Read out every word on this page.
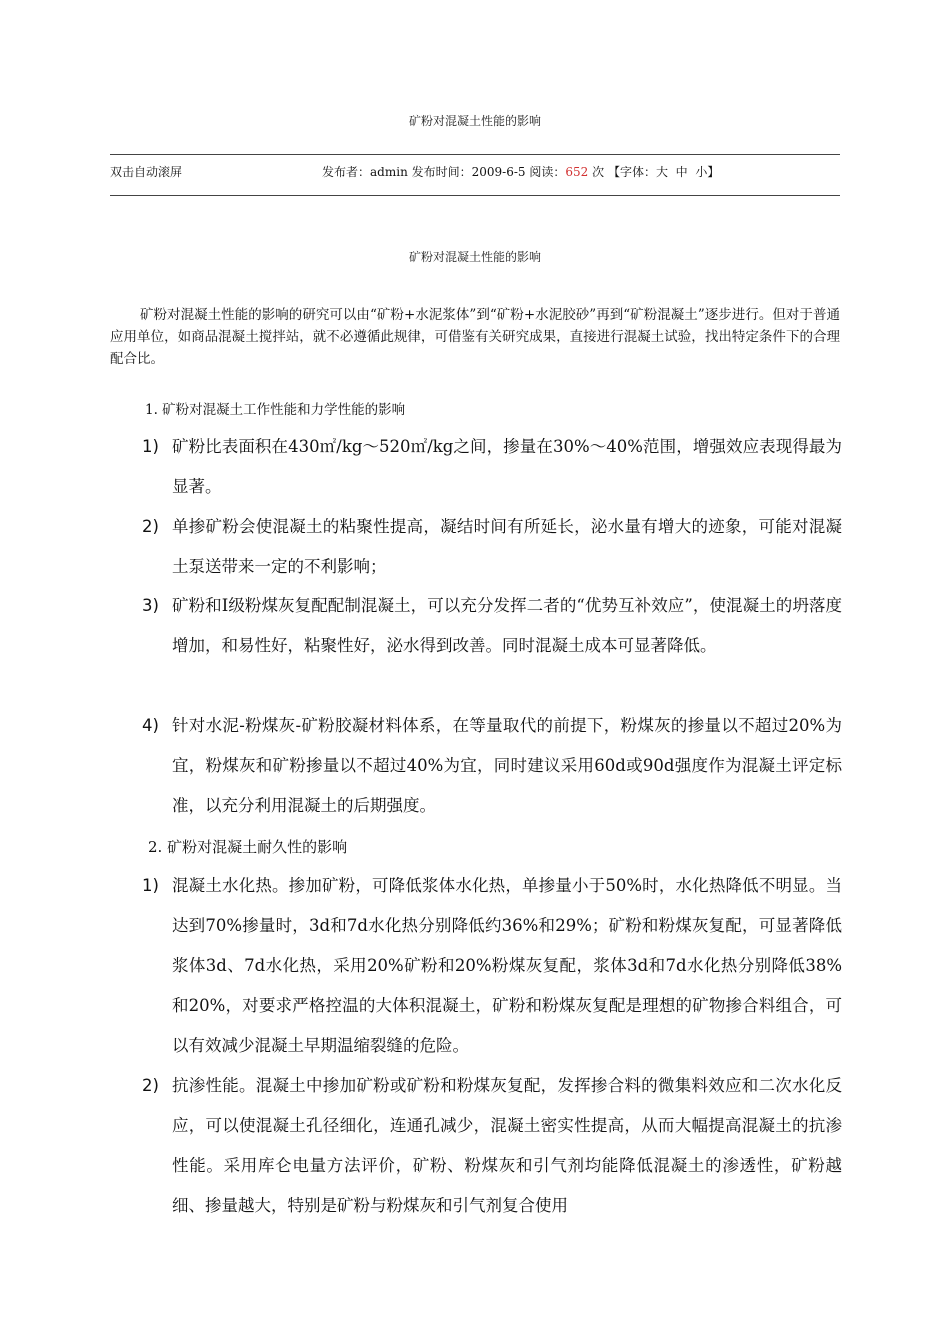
矿粉对混凝土性能的影响
双击自动滚屏	发布者：admin 发布时间：2009-6-5 阅读：652 次 【字体：大 中 小】
矿粉对混凝土性能的影响

矿粉对混凝土性能的影响的研究可以由“矿粉+水泥浆体”到“矿粉+水泥胶砂”再到“矿粉混凝土”逐步进行。但对于普通应用单位，如商品混凝土搅拌站，就不必遵循此规律，可借鉴有关研究成果，直接进行混凝土试验，找出特定条件下的合理配合比。

1. 矿粉对混凝土工作性能和力学性能的影响
1) 矿粉比表面积在430㎡/kg～520㎡/kg之间，掺量在30%～40%范围，增强效应表现得最为显著。
2) 单掺矿粉会使混凝土的粘聚性提高，凝结时间有所延长，泌水量有增大的迹象，可能对混凝土泵送带来一定的不利影响；
3) 矿粉和Ⅰ级粉煤灰复配配制混凝土，可以充分发挥二者的“优势互补效应”，使混凝土的坍落度增加，和易性好，粘聚性好，泌水得到改善。同时混凝土成本可显著降低。
4) 针对水泥-粉煤灰-矿粉胶凝材料体系，在等量取代的前提下，粉煤灰的掺量以不超过20%为宜，粉煤灰和矿粉掺量以不超过40%为宜，同时建议采用60d或90d强度作为混凝土评定标准，以充分利用混凝土的后期强度。
2. 矿粉对混凝土耐久性的影响
1) 混凝土水化热。掺加矿粉，可降低浆体水化热，单掺量小于50%时，水化热降低不明显。当达到70%掺量时，3d和7d水化热分别降低约36%和29%；矿粉和粉煤灰复配，可显著降低浆体3d、7d水化热，采用20%矿粉和20%粉煤灰复配，浆体3d和7d水化热分别降低38%和20%，对要求严格控温的大体积混凝土，矿粉和粉煤灰复配是理想的矿物掺合料组合，可以有效减少混凝土早期温缩裂缝的危险。
2) 抗渗性能。混凝土中掺加矿粉或矿粉和粉煤灰复配，发挥掺合料的微集料效应和二次水化反应，可以使混凝土孔径细化，连通孔减少，混凝土密实性提高，从而大幅提高混凝土的抗渗性能。采用库仑电量方法评价，矿粉、粉煤灰和引气剂均能降低混凝土的渗透性，矿粉越细、掺量越大，特别是矿粉与粉煤灰和引气剂复合使用
